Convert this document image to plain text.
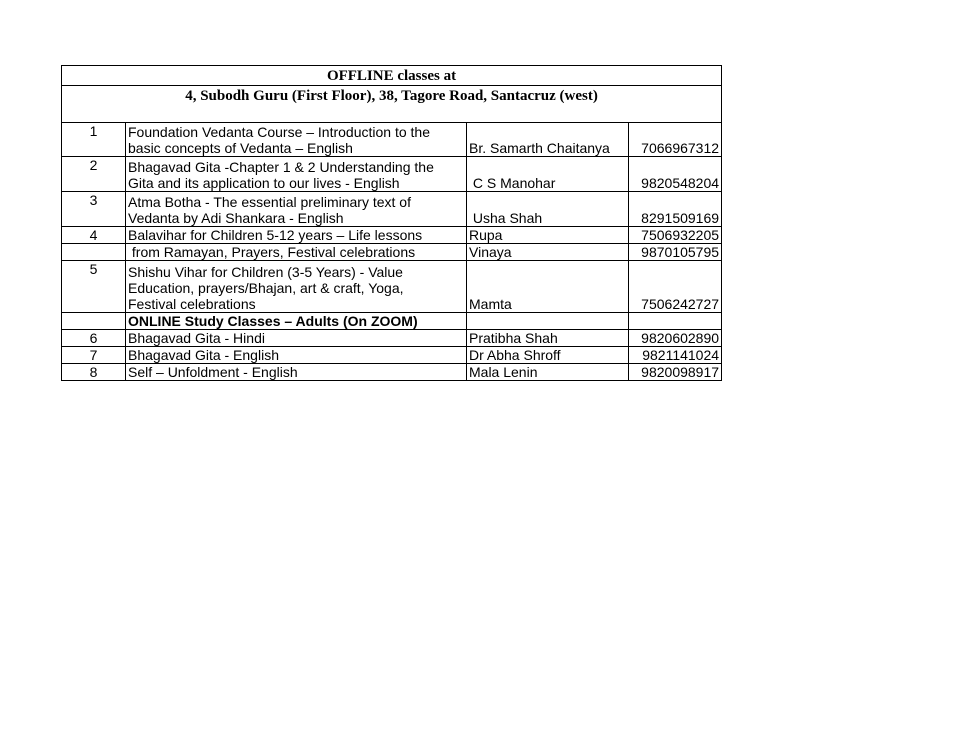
OFFLINE classes at			
4, Subodh Guru (First Floor), 38, Tagore Road, Santacruz (west)			
1	Foundation Vedanta Course – Introduction to the
basic concepts of Vedanta – English	Br. Samarth Chaitanya	7066967312
2	Bhagavad Gita -Chapter 1 & 2 Understanding the
Gita and its application to our lives - English	C S Manohar	9820548204
3	Atma Botha - The essential preliminary text of
Vedanta by Adi Shankara - English	Usha Shah	8291509169
4	Balavihar for Children 5-12 years – Life lessons	Rupa	7506932205
	from Ramayan, Prayers, Festival celebrations	Vinaya	9870105795
5	Shishu Vihar for Children (3-5 Years) - Value
Education, prayers/Bhajan, art & craft, Yoga,
Festival celebrations	Mamta	7506242727
	ONLINE Study Classes – Adults (On ZOOM)		
6	Bhagavad Gita - Hindi	Pratibha Shah	9820602890
7	Bhagavad Gita - English	Dr Abha Shroff	9821141024
8	Self – Unfoldment - English	Mala Lenin	9820098917
